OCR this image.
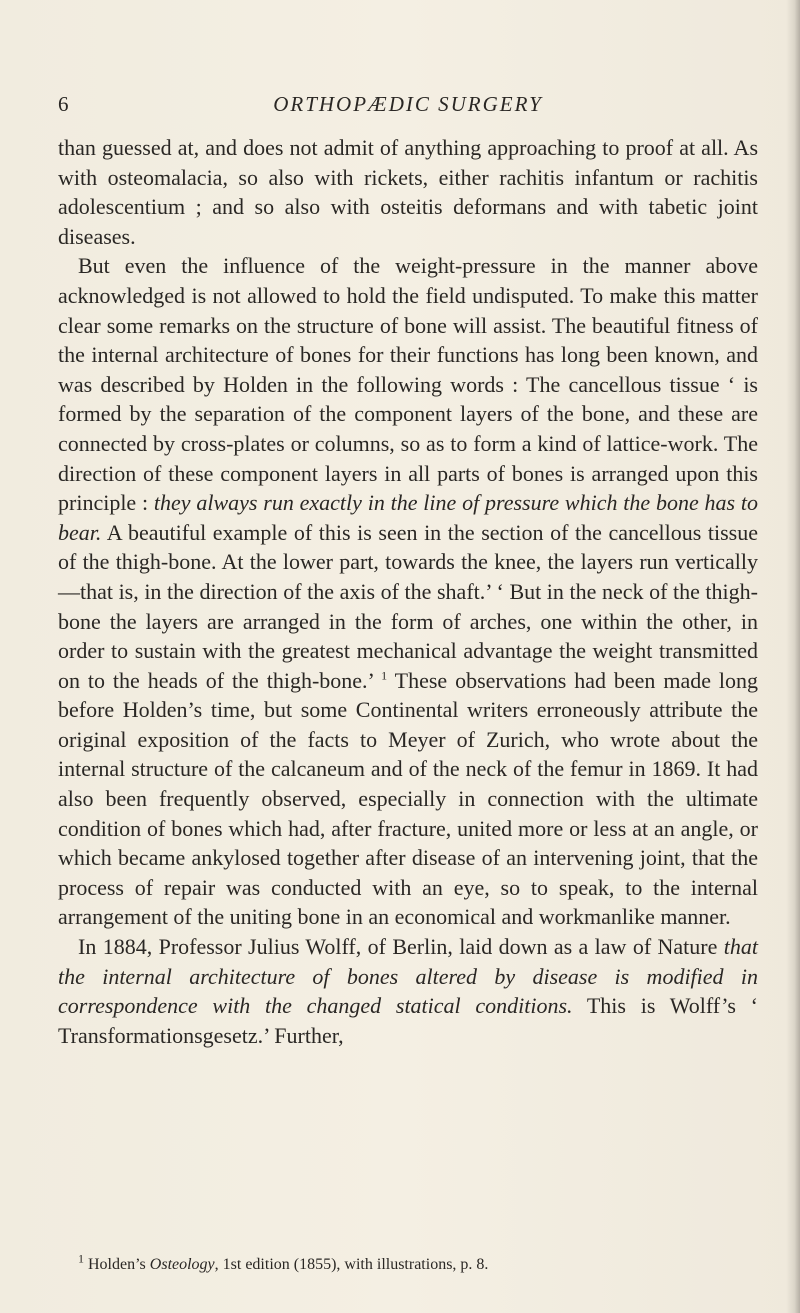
6	ORTHOPÆDIC SURGERY

than guessed at, and does not admit of anything approaching to proof at all. As with osteomalacia, so also with rickets, either rachitis infantum or rachitis adolescentium ; and so also with osteitis deformans and with tabetic joint diseases.

But even the influence of the weight-pressure in the manner above acknowledged is not allowed to hold the field undisputed. To make this matter clear some remarks on the structure of bone will assist. The beautiful fitness of the internal architecture of bones for their functions has long been known, and was described by Holden in the following words : The cancellous tissue ‘ is formed by the separation of the component layers of the bone, and these are connected by cross-plates or columns, so as to form a kind of lattice-work. The direction of these component layers in all parts of bones is arranged upon this principle : they always run exactly in the line of pressure which the bone has to bear. A beautiful example of this is seen in the section of the cancellous tissue of the thigh-bone. At the lower part, towards the knee, the layers run vertically—that is, in the direction of the axis of the shaft.’ ‘ But in the neck of the thigh-bone the layers are arranged in the form of arches, one within the other, in order to sustain with the greatest mechanical advantage the weight transmitted on to the heads of the thigh-bone.’ $^1$ These observations had been made long before Holden’s time, but some Continental writers erroneously attribute the original exposition of the facts to Meyer of Zurich, who wrote about the internal structure of the calcaneum and of the neck of the femur in 1869. It had also been frequently observed, especially in connection with the ultimate condition of bones which had, after fracture, united more or less at an angle, or which became ankylosed together after disease of an intervening joint, that the process of repair was conducted with an eye, so to speak, to the internal arrangement of the uniting bone in an economical and workmanlike manner.

In 1884, Professor Julius Wolff, of Berlin, laid down as a law of Nature that the internal architecture of bones altered by disease is modified in correspondence with the changed statical conditions. This is Wolff’s ‘ Transformationsgesetz.’ Further,

$^1$ Holden’s Osteology, 1st edition (1855), with illustrations, p. 8.
